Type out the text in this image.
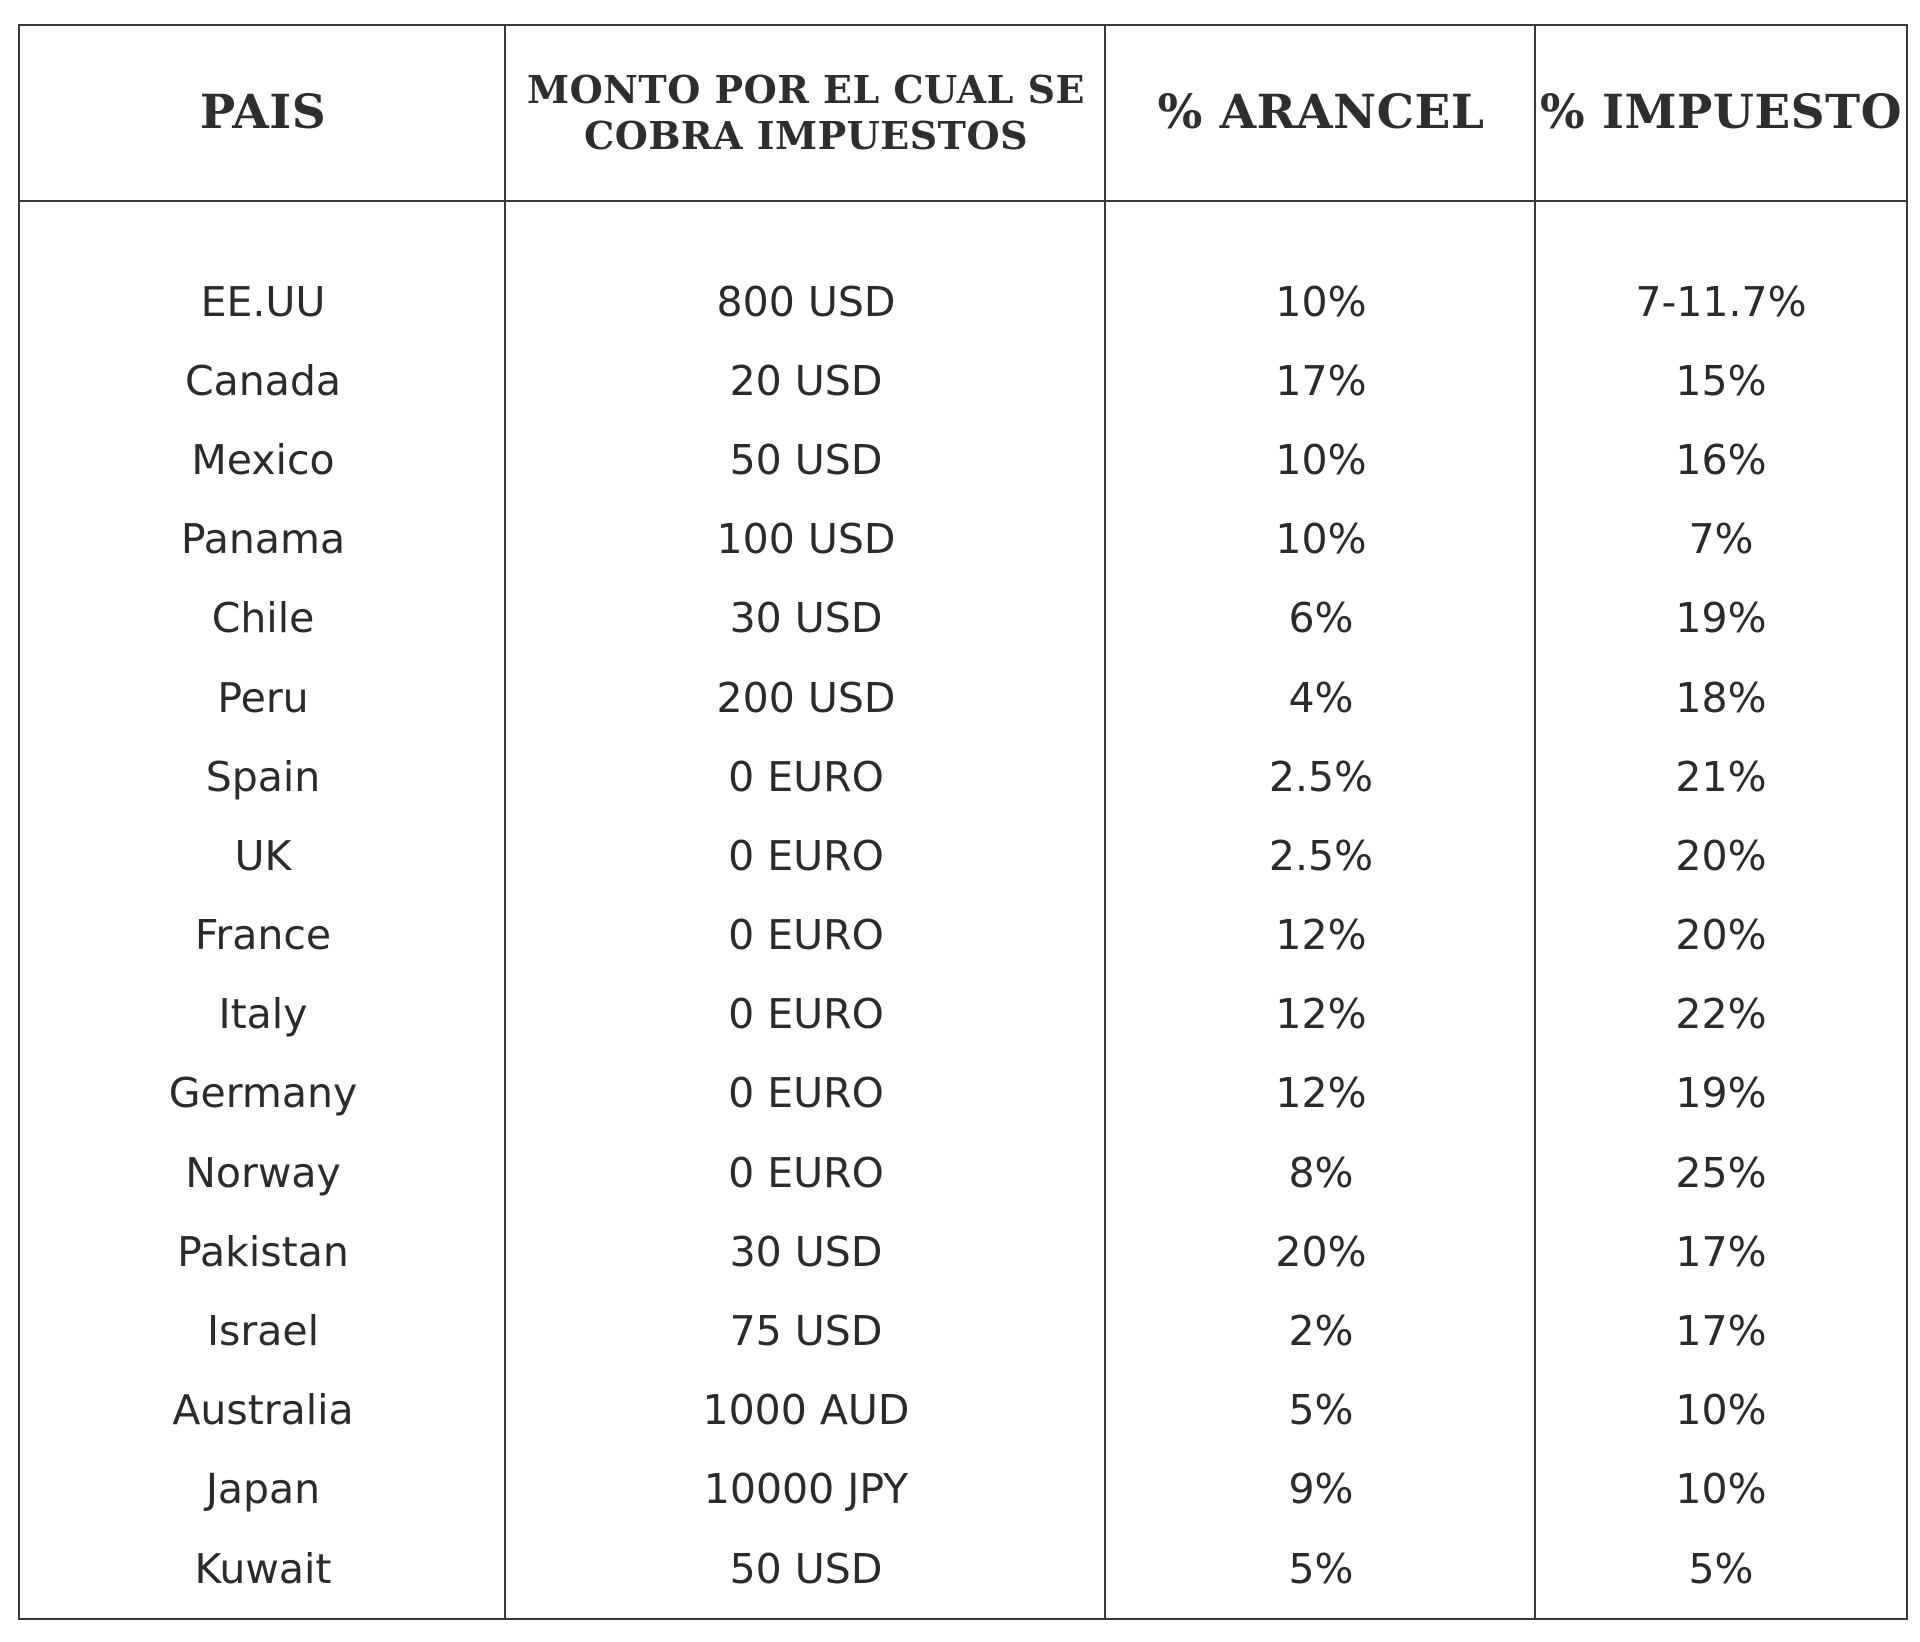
PAIS	MONTO POR EL CUAL SE
COBRA IMPUESTOS	% ARANCEL	% IMPUESTO
EE.UU	800 USD	10%	7-11.7%
Canada	20 USD	17%	15%
Mexico	50 USD	10%	16%
Panama	100 USD	10%	7%
Chile	30 USD	6%	19%
Peru	200 USD	4%	18%
Spain	0 EURO	2.5%	21%
UK	0 EURO	2.5%	20%
France	0 EURO	12%	20%
Italy	0 EURO	12%	22%
Germany	0 EURO	12%	19%
Norway	0 EURO	8%	25%
Pakistan	30 USD	20%	17%
Israel	75 USD	2%	17%
Australia	1000 AUD	5%	10%
Japan	10000 JPY	9%	10%
Kuwait	50 USD	5%	5%
